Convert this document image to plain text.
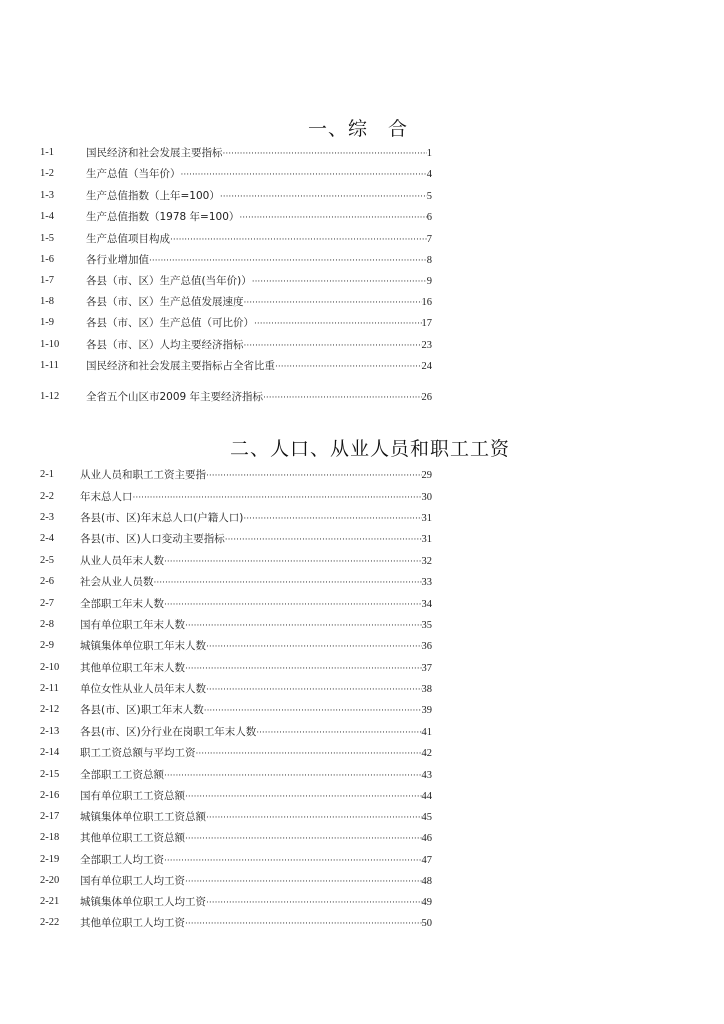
一、综　合
1-1	国民经济和社会发展主要指标 ·····	1
1-2	生产总值（当年价） ·····	4
1-3	生产总值指数（上年=100） ·····	5
1-4	生产总值指数（1978 年=100） ·····	6
1-5	生产总值项目构成 ·····	7
1-6	各行业增加值 ·····	8
1-7	各县（市、区）生产总值(当年价)） ·····	9
1-8	各县（市、区）生产总值发展速度 ·····	16
1-9	各县（市、区）生产总值（可比价） ·····	17
1-10	各县（市、区）人均主要经济指标 ·····	23
1-11	国民经济和社会发展主要指标占全省比重 ·····	24
1-12	全省五个山区市2009 年主要经济指标 ·····	26
二、人口、从业人员和职工工资
2-1	从业人员和职工工资主要指 ·····	29
2-2	年末总人口 ·····	30
2-3	各县(市、区)年末总人口(户籍人口) ·····	31
2-4	各县(市、区)人口变动主要指标 ·····	31
2-5	从业人员年末人数 ·····	32
2-6	社会从业人员数 ·····	33
2-7	全部职工年末人数 ·····	34
2-8	国有单位职工年末人数 ·····	35
2-9	城镇集体单位职工年末人数 ·····	36
2-10	其他单位职工年末人数 ·····	37
2-11	单位女性从业人员年末人数 ·····	38
2-12	各县(市、区)职工年末人数 ·····	39
2-13	各县(市、区)分行业在岗职工年末人数 ·····	41
2-14	职工工资总额与平均工资 ·····	42
2-15	全部职工工资总额 ·····	43
2-16	国有单位职工工资总额 ·····	44
2-17	城镇集体单位职工工资总额 ·····	45
2-18	其他单位职工工资总额 ·····	46
2-19	全部职工人均工资 ·····	47
2-20	国有单位职工人均工资 ·····	48
2-21	城镇集体单位职工人均工资 ·····	49
2-22	其他单位职工人均工资 ·····	50
